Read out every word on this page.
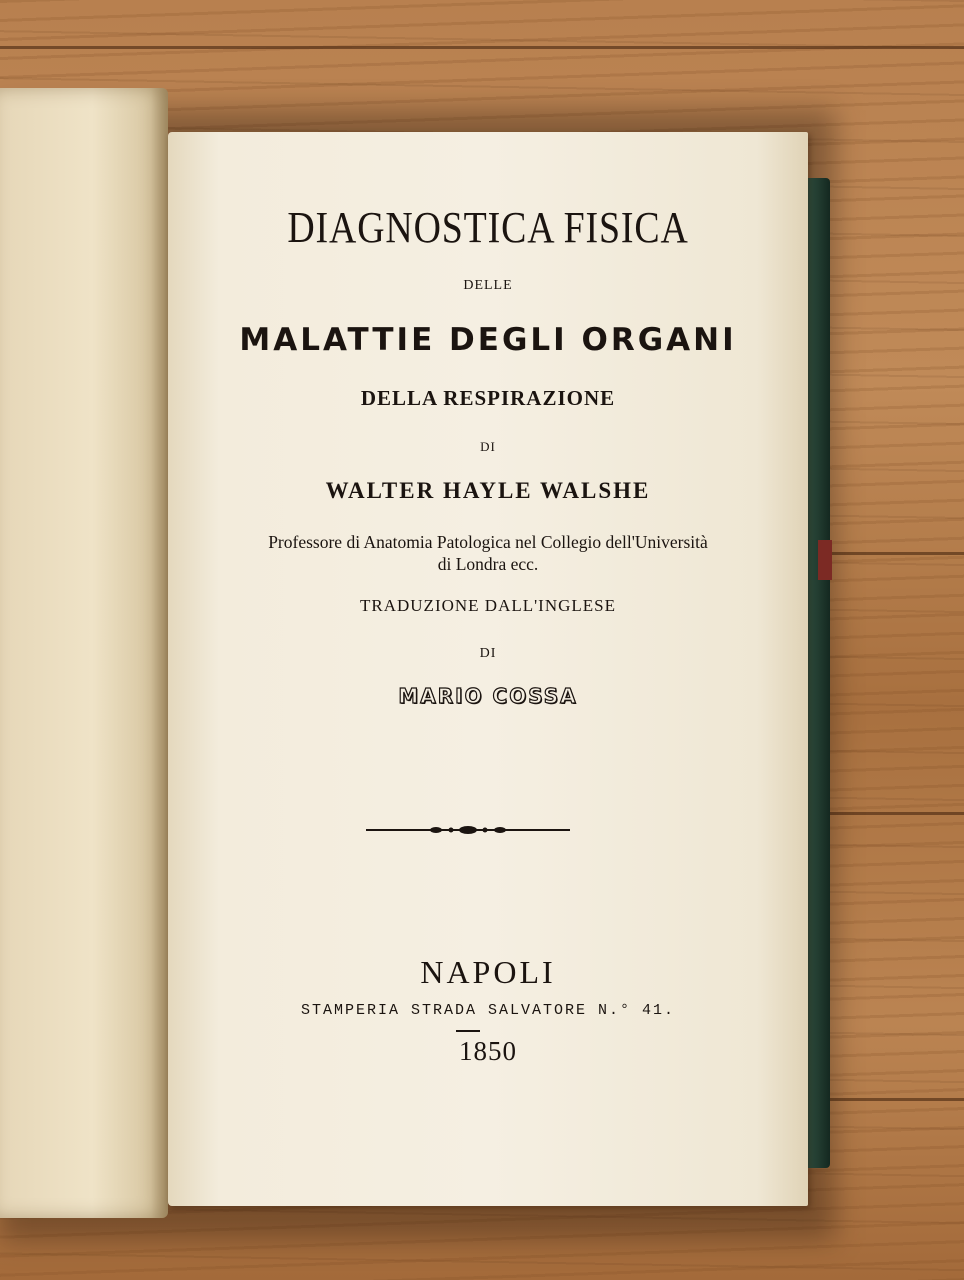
DIAGNOSTICA FISICA
DELLE
MALATTIE DEGLI ORGANI
DELLA RESPIRAZIONE
DI
WALTER HAYLE WALSHE
Professore di Anatomia Patologica nel Collegio dell'Università
di Londra ecc.
TRADUZIONE DALL'INGLESE
DI
MARIO COSSA
NAPOLI
STAMPERIA STRADA SALVATORE N.° 41.
1850
